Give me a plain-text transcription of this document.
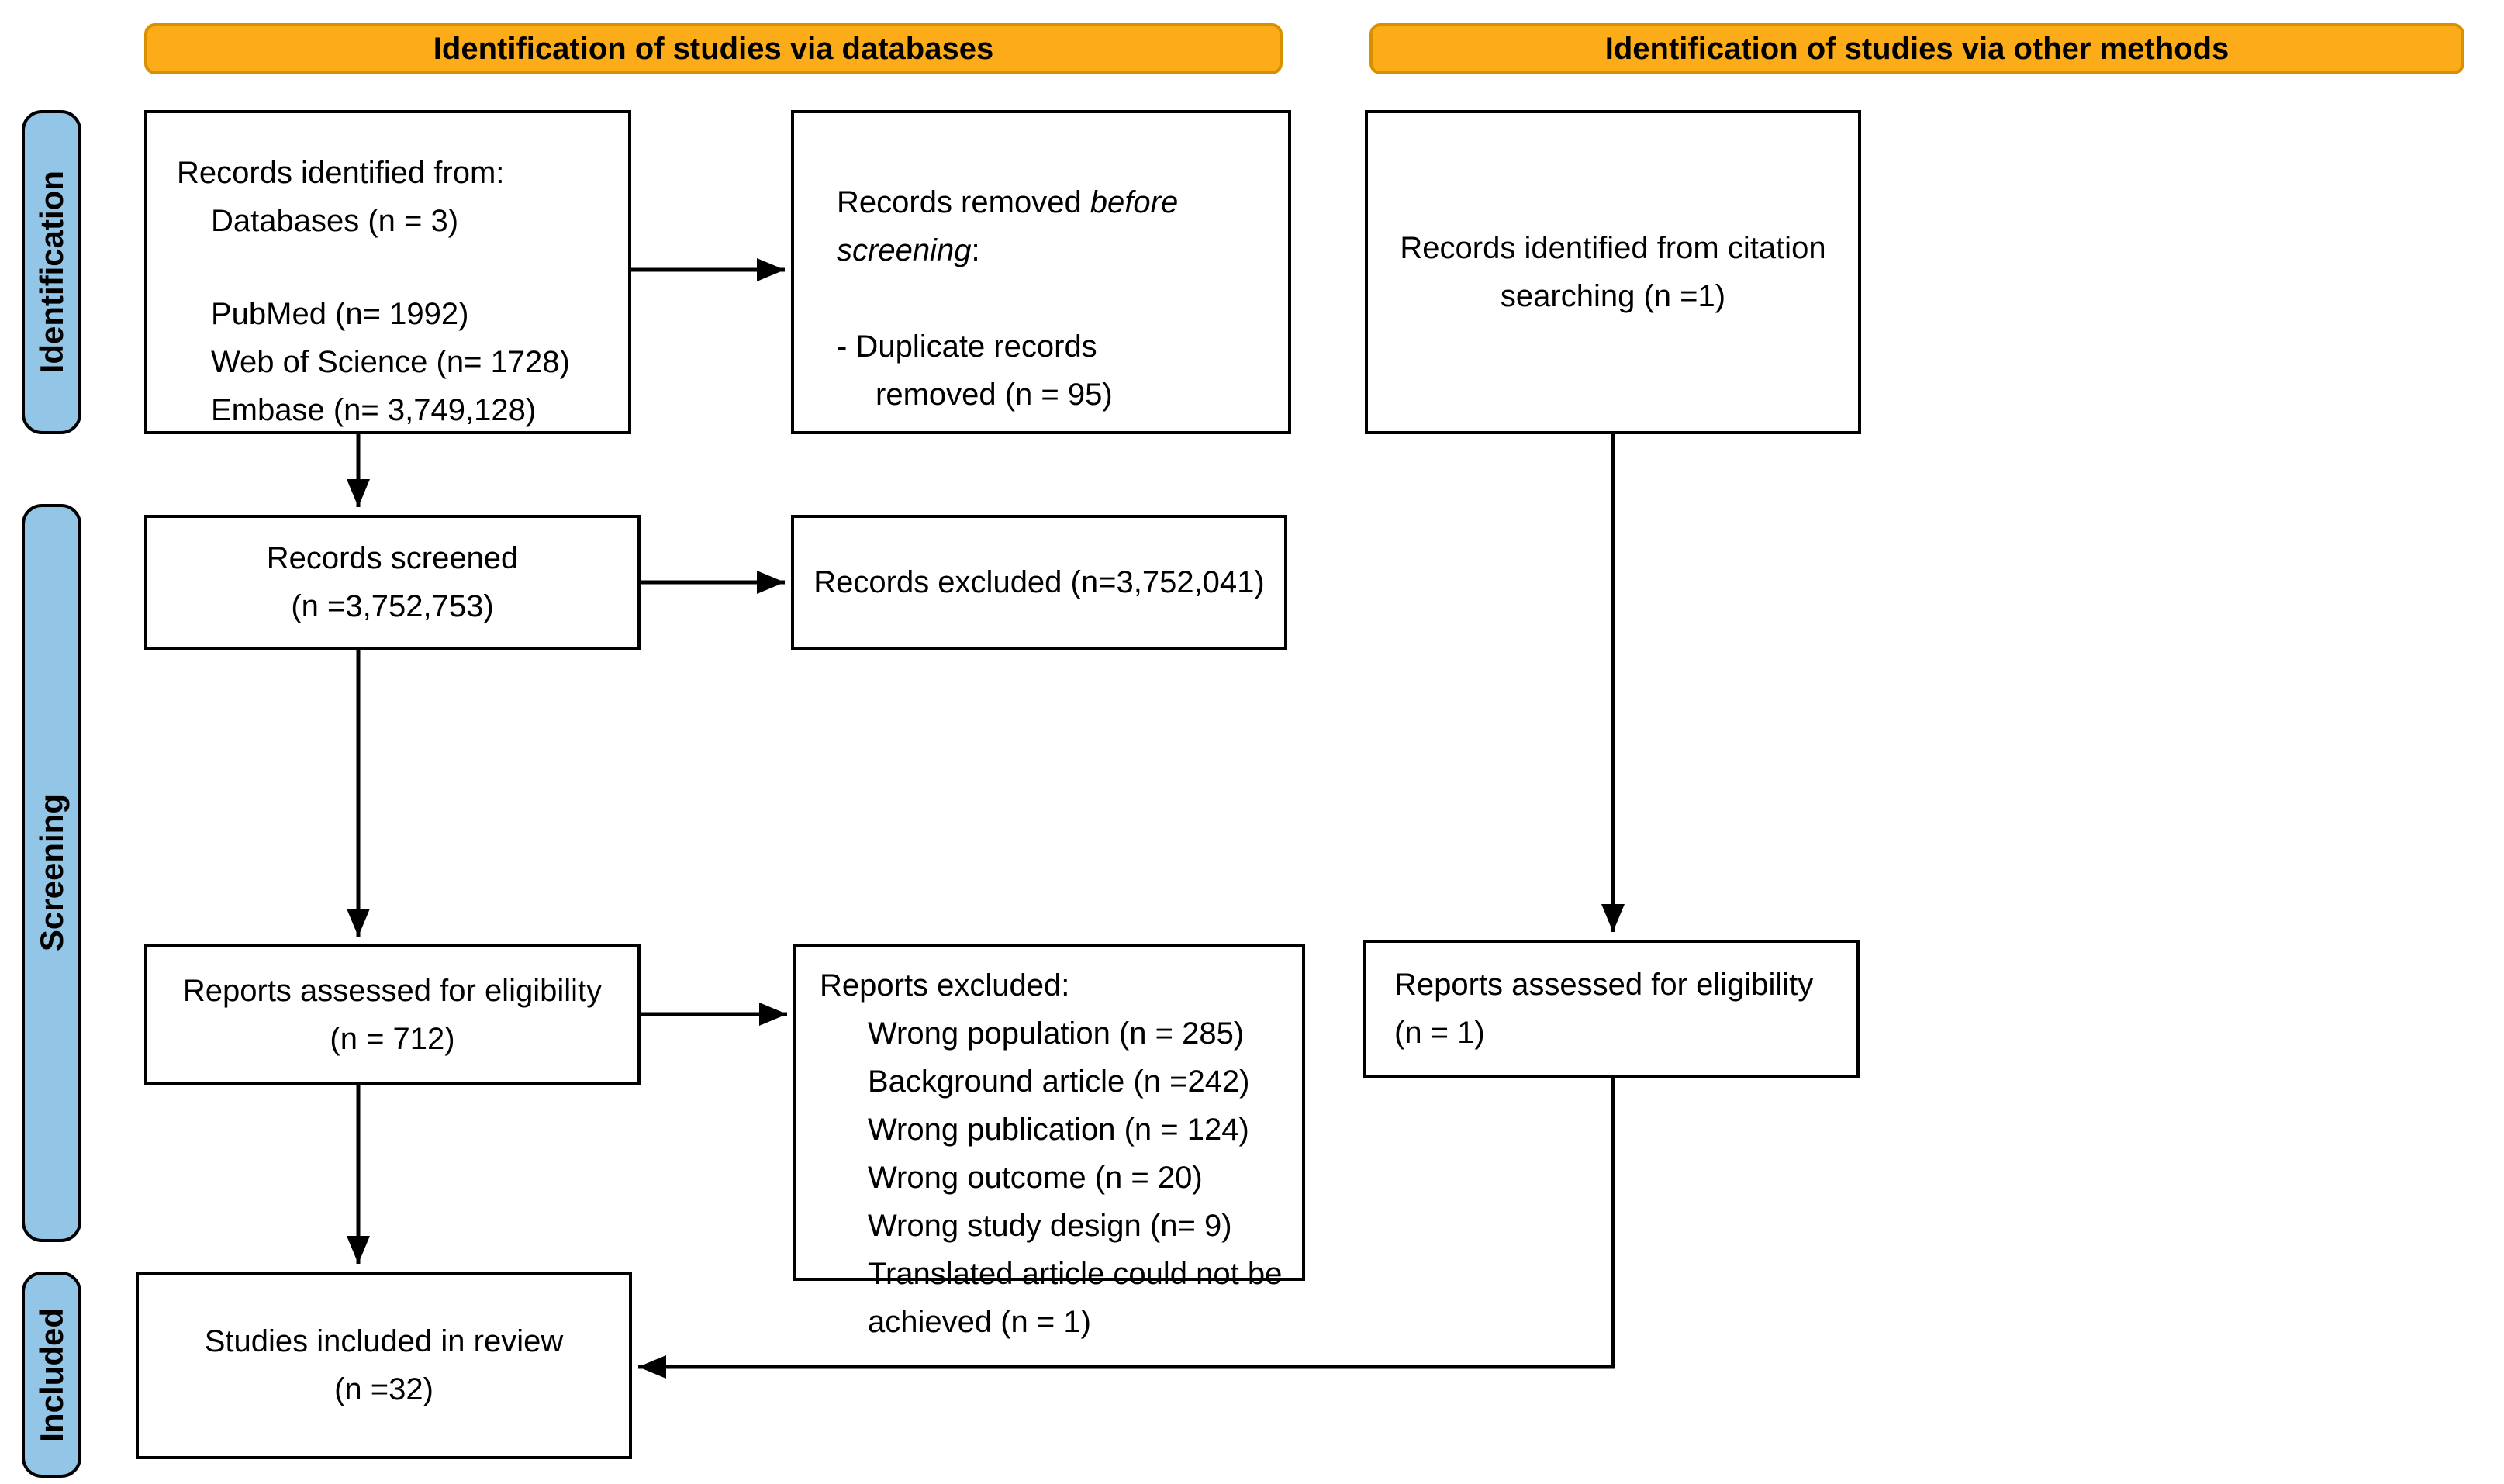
Identification of studies via databases	Identification of studies via other methods
Identification
Screening
Included
Records identified from:
Databases (n = 3)
PubMed (n= 1992)
Web of Science (n= 1728)
Embase (n= 3,749,128)
Records removed before
screening:
- Duplicate records
removed (n = 95)
Records identified from citation
searching (n =1)
Records screened
(n =3,752,753)
Records excluded (n=3,752,041)
Reports assessed for eligibility
(n = 712)
Reports excluded:
Wrong population (n = 285)
Background article (n =242)
Wrong publication (n = 124)
Wrong outcome (n = 20)
Wrong study design (n= 9)
Translated article could not be
achieved (n = 1)
Reports assessed for eligibility
(n = 1)
Studies included in review
(n =32)
